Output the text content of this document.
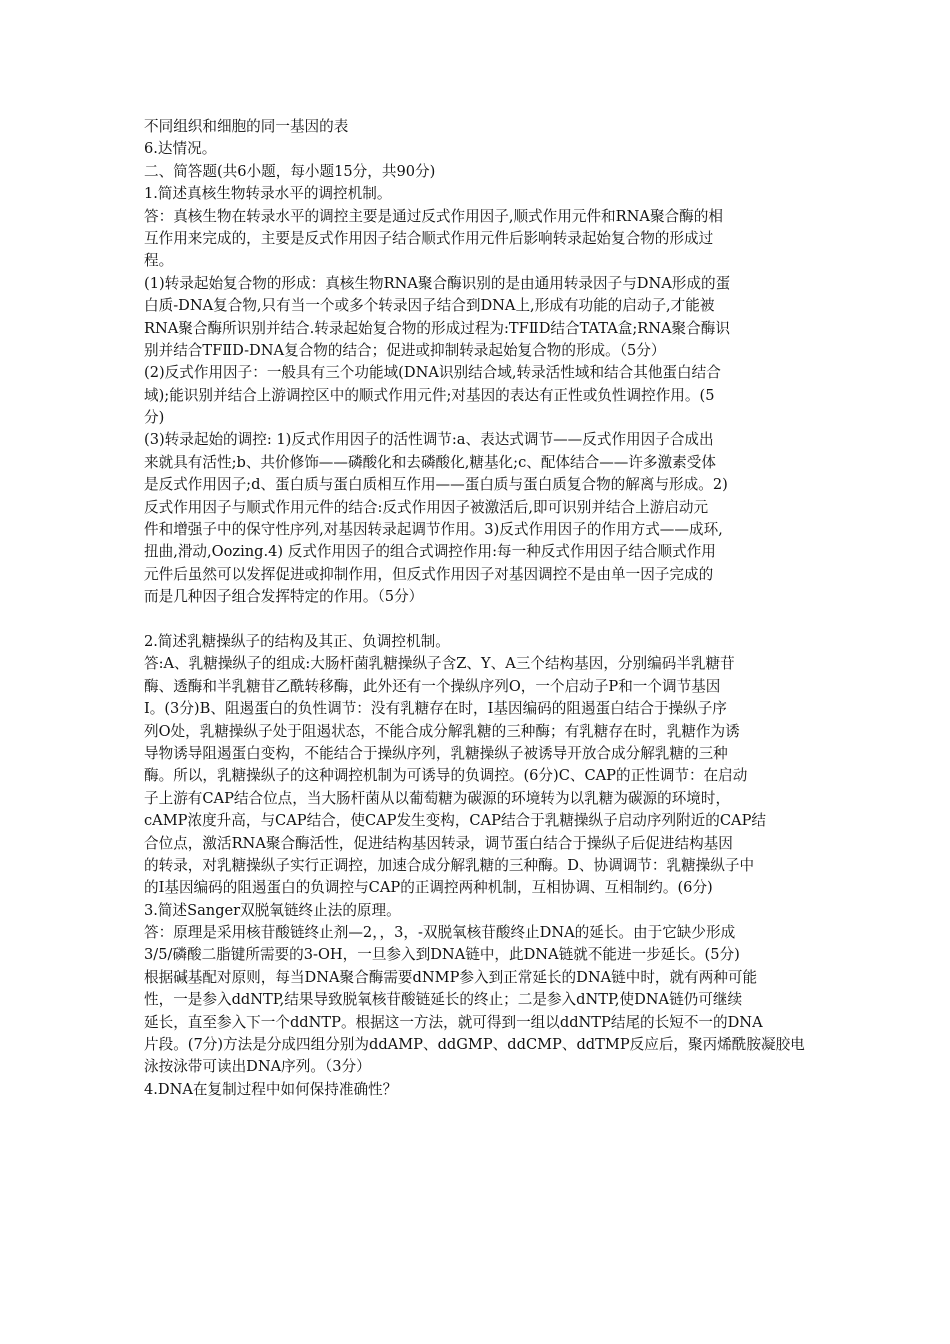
不同组织和细胞的同一基因的表
6.达情况。
二、简答题(共6小题，每小题15分，共90分)
1.简述真核生物转录水平的调控机制。
答：真核生物在转录水平的调控主要是通过反式作用因子,顺式作用元件和RNA聚合酶的相
互作用来完成的，主要是反式作用因子结合顺式作用元件后影响转录起始复合物的形成过
程。
(1)转录起始复合物的形成：真核生物RNA聚合酶识别的是由通用转录因子与DNA形成的蛋
白质-DNA复合物,只有当一个或多个转录因子结合到DNA上,形成有功能的启动子,才能被
RNA聚合酶所识别并结合.转录起始复合物的形成过程为:TFⅡD结合TATA盒;RNA聚合酶识
别并结合TFⅡD-DNA复合物的结合；促进或抑制转录起始复合物的形成。（5分）
(2)反式作用因子：一般具有三个功能域(DNA识别结合域,转录活性域和结合其他蛋白结合
域);能识别并结合上游调控区中的顺式作用元件;对基因的表达有正性或负性调控作用。(5
分)
(3)转录起始的调控: 1)反式作用因子的活性调节:a、表达式调节——反式作用因子合成出
来就具有活性;b、共价修饰——磷酸化和去磷酸化,糖基化;c、配体结合——许多激素受体
是反式作用因子;d、蛋白质与蛋白质相互作用——蛋白质与蛋白质复合物的解离与形成。2)
反式作用因子与顺式作用元件的结合:反式作用因子被激活后,即可识别并结合上游启动元
件和增强子中的保守性序列,对基因转录起调节作用。3)反式作用因子的作用方式——成环,
扭曲,滑动,Oozing.4) 反式作用因子的组合式调控作用:每一种反式作用因子结合顺式作用
元件后虽然可以发挥促进或抑制作用，但反式作用因子对基因调控不是由单一因子完成的
而是几种因子组合发挥特定的作用。（5分）
2.简述乳糖操纵子的结构及其正、负调控机制。
答:A、乳糖操纵子的组成:大肠杆菌乳糖操纵子含Z、Y、A三个结构基因，分别编码半乳糖苷
酶、透酶和半乳糖苷乙酰转移酶，此外还有一个操纵序列O，一个启动子P和一个调节基因
I。(3分)B、阻遏蛋白的负性调节：没有乳糖存在时，I基因编码的阻遏蛋白结合于操纵子序
列O处，乳糖操纵子处于阻遏状态，不能合成分解乳糖的三种酶；有乳糖存在时，乳糖作为诱
导物诱导阻遏蛋白变构，不能结合于操纵序列，乳糖操纵子被诱导开放合成分解乳糖的三种
酶。所以，乳糖操纵子的这种调控机制为可诱导的负调控。(6分)C、CAP的正性调节：在启动
子上游有CAP结合位点，当大肠杆菌从以葡萄糖为碳源的环境转为以乳糖为碳源的环境时，
cAMP浓度升高，与CAP结合，使CAP发生变构，CAP结合于乳糖操纵子启动序列附近的CAP结
合位点，激活RNA聚合酶活性，促进结构基因转录，调节蛋白结合于操纵子后促进结构基因
的转录，对乳糖操纵子实行正调控，加速合成分解乳糖的三种酶。D、协调调节：乳糖操纵子中
的I基因编码的阻遏蛋白的负调控与CAP的正调控两种机制，互相协调、互相制约。(6分)
3.简述Sanger双脱氧链终止法的原理。
答：原理是采用核苷酸链终止剂—2，，3，-双脱氧核苷酸终止DNA的延长。由于它缺少形成
3/5/磷酸二脂键所需要的3-OH，一旦参入到DNA链中，此DNA链就不能进一步延长。(5分)
根据碱基配对原则，每当DNA聚合酶需要dNMP参入到正常延长的DNA链中时，就有两种可能
性，一是参入ddNTP,结果导致脱氧核苷酸链延长的终止；二是参入dNTP,使DNA链仍可继续
延长，直至参入下一个ddNTP。根据这一方法，就可得到一组以ddNTP结尾的长短不一的DNA
片段。(7分)方法是分成四组分别为ddAMP、ddGMP、ddCMP、ddTMP反应后，聚丙烯酰胺凝胶电
泳按泳带可读出DNA序列。（3分）
4.DNA在复制过程中如何保持准确性？
